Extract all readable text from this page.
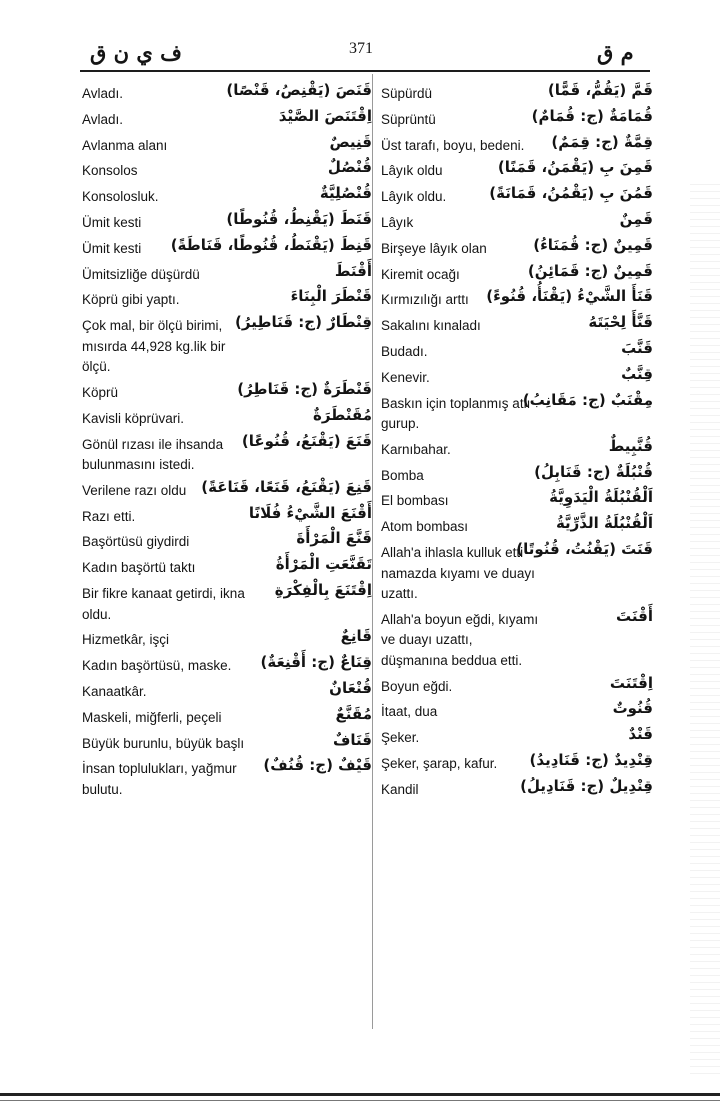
ف ي ن ق	371	م ق
قَنَصَ (يَقْنِصُ، قَنْصًا)
Avladı.
اِقْتَنَصَ الصَّيْدَ
Avladı.
قَنِيصٌ
Avlanma alanı
قُنْصُلٌ
Konsolos
قُنْصُلِيَّةٌ
Konsolosluk.
قَنَطَ (يَقْنِطُ، قُنُوطًا)
Ümit kesti
قَنِطَ (يَقْنَطُ، قُنُوطًا، قَنَاطَةً)
Ümit kesti
أَقْنَطَ
Ümitsizliğe düşürdü
قَنْطَرَ الْبِنَاءَ
Köprü gibi yaptı.
قِنْطَارٌ (ج: قَنَاطِيرُ)
Çok mal, bir ölçü birimi, mısırda 44,928 kg.lik bir ölçü.
قَنْطَرَةٌ (ج: قَنَاطِرُ)
Köprü
مُقَنْطَرَةٌ
Kavisli köprüvari.
قَنَعَ (يَقْنَعُ، قُنُوعًا)
Gönül rızası ile ihsanda bulunmasını istedi.
قَنِعَ (يَقْنَعُ، قَنَعًا، قَنَاعَةً)
Verilene razı oldu
أَقْنَعَ الشَّيْءُ فُلَانًا
Razı etti.
قَنَّعَ الْمَرْأَةَ
Başörtüsü giydirdi
تَقَنَّعَتِ الْمَرْأَةُ
Kadın başörtü taktı
اِقْتَنَعَ بِالْفِكْرَةِ
Bir fikre kanaat getirdi, ikna oldu.
قَانِعٌ
Hizmetkâr, işçi
قِنَاعٌ (ج: أَقْنِعَةٌ)
Kadın başörtüsü, maske.
قُنْعَانٌ
Kanaatkâr.
مُقَنَّعٌ
Maskeli, miğferli, peçeli
قَنَافٌ
Büyük burunlu, büyük başlı
قَيْفٌ (ج: قُنُفٌ)
İnsan toplulukları, yağmur bulutu.
قَمَّ (يَقُمُّ، قَمًّا)
Süpürdü
قُمَامَةٌ (ج: قُمَامٌ)
Süprüntü
قِمَّةٌ (ج: قِمَمٌ)
Üst tarafı, boyu, bedeni.
قَمِنَ بِ (يَقْمَنُ، قَمَنًا)
Lâyık oldu
قَمُنَ بِ (يَقْمُنُ، قَمَانَةً)
Lâyık oldu.
قَمِنٌ
Lâyık
قَمِينٌ (ج: قُمَنَاءُ)
Birşeye lâyık olan
قَمِينٌ (ج: قَمَائِنُ)
Kiremit ocağı
قَنَأَ الشَّيْءُ (يَقْنَأُ، قُنُوءً)
Kırmızılığı arttı
قَنَّأَ لِحْيَتَهُ
Sakalını kınaladı
قَنَّبَ
Budadı.
قِنَّبٌ
Kenevir.
مِقْنَبٌ (ج: مَقَانِبُ)
Baskın için toplanmış atlı gurup.
قُنَّبِيطٌ
Karnıbahar.
قُنْبُلَةٌ (ج: قَنَابِلُ)
Bomba
اَلْقُنْبُلَةُ الْيَدَوِيَّةُ
El bombası
اَلْقُنْبُلَةُ الذَّرِّيَّةُ
Atom bombası
قَنَتَ (يَقْنُتُ، قُنُوتًا)
Allah'a ihlasla kulluk etti namazda kıyamı ve duayı uzattı.
أَقْنَتَ
Allah'a boyun eğdi, kıyamı ve duayı uzattı, düşmanına beddua etti.
اِقْتَنَتَ
Boyun eğdi.
قُنُوتٌ
İtaat, dua
قَنْدٌ
Şeker.
قِنْدِيدٌ (ج: قَنَادِيدُ)
Şeker, şarap, kafur.
قِنْدِيلٌ (ج: قَنَادِيلُ)
Kandil
